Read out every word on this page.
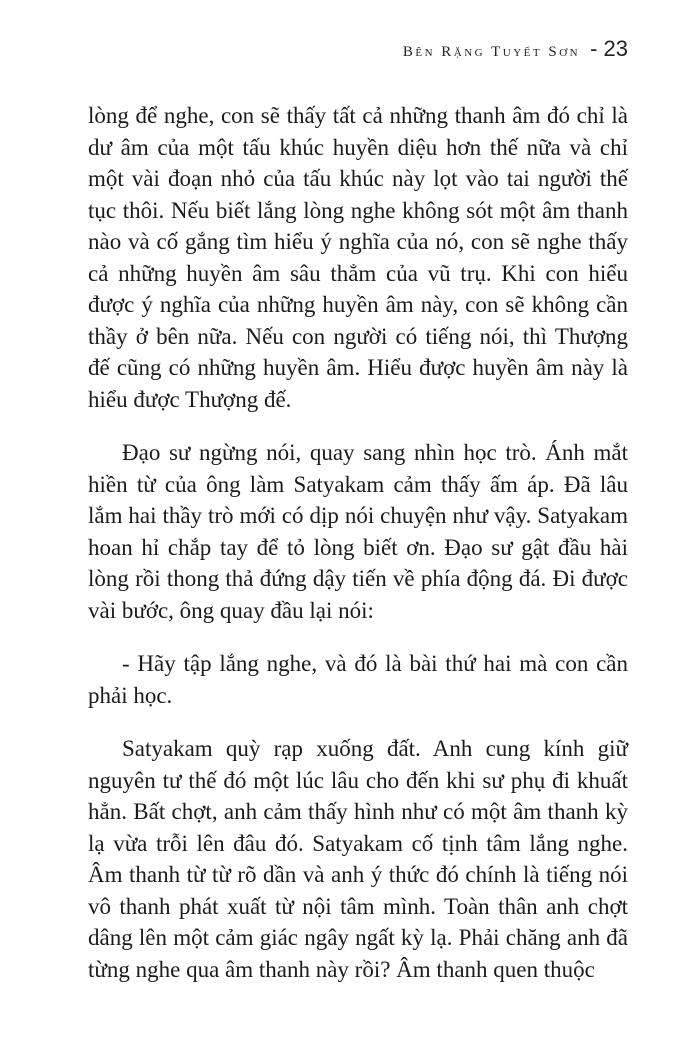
Bên Rặng Tuyết Sơn - 23

lòng để nghe, con sẽ thấy tất cả những thanh âm đó chỉ là dư âm của một tấu khúc huyền diệu hơn thế nữa và chỉ một vài đoạn nhỏ của tấu khúc này lọt vào tai người thế tục thôi. Nếu biết lắng lòng nghe không sót một âm thanh nào và cố gắng tìm hiểu ý nghĩa của nó, con sẽ nghe thấy cả những huyền âm sâu thẳm của vũ trụ. Khi con hiểu được ý nghĩa của những huyền âm này, con sẽ không cần thầy ở bên nữa. Nếu con người có tiếng nói, thì Thượng đế cũng có những huyền âm. Hiểu được huyền âm này là hiểu được Thượng đế.

Đạo sư ngừng nói, quay sang nhìn học trò. Ánh mắt hiền từ của ông làm Satyakam cảm thấy ấm áp. Đã lâu lắm hai thầy trò mới có dịp nói chuyện như vậy. Satyakam hoan hỉ chắp tay để tỏ lòng biết ơn. Đạo sư gật đầu hài lòng rồi thong thả đứng dậy tiến về phía động đá. Đi được vài bước, ông quay đầu lại nói:

- Hãy tập lắng nghe, và đó là bài thứ hai mà con cần phải học.

Satyakam quỳ rạp xuống đất. Anh cung kính giữ nguyên tư thế đó một lúc lâu cho đến khi sư phụ đi khuất hẳn. Bất chợt, anh cảm thấy hình như có một âm thanh kỳ lạ vừa trỗi lên đâu đó. Satyakam cố tịnh tâm lắng nghe. Âm thanh từ từ rõ dần và anh ý thức đó chính là tiếng nói vô thanh phát xuất từ nội tâm mình. Toàn thân anh chợt dâng lên một cảm giác ngây ngất kỳ lạ. Phải chăng anh đã từng nghe qua âm thanh này rồi? Âm thanh quen thuộc
